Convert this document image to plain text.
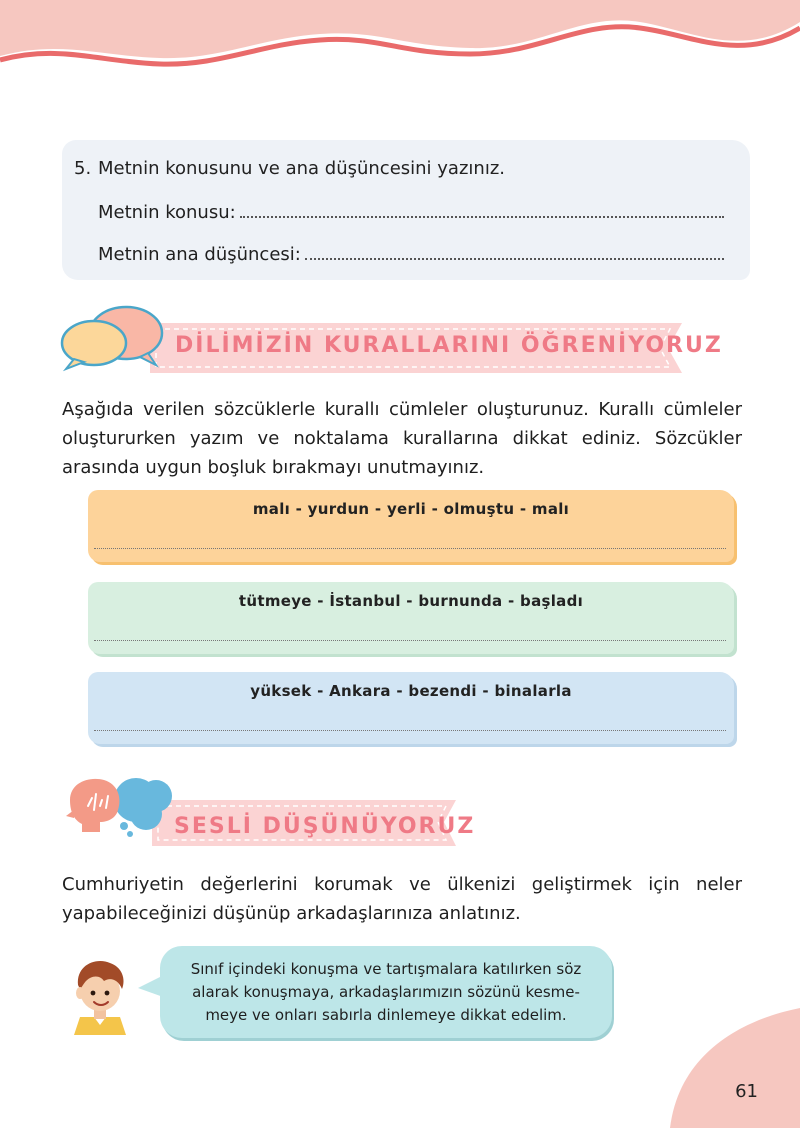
5. Metnin konusunu ve ana düşüncesini yazınız.
Metnin konusu:
Metnin ana düşüncesi:
DİLİMİZİN KURALLARINI ÖĞRENİYORUZ

Aşağıda verilen sözcüklerle kurallı cümleler oluşturunuz. Kurallı cümleler oluştururken yazım ve noktalama kurallarına dikkat ediniz. Sözcükler arasında uygun boşluk bırakmayı unutmayınız.

malı - yurdun - yerli - olmuştu - malı
tütmeye - İstanbul - burnunda - başladı
yüksek - Ankara - bezendi - binalarla
SESLİ DÜŞÜNÜYORUZ

Cumhuriyetin değerlerini korumak ve ülkenizi geliştirmek için neler yapabileceğinizi düşünüp arkadaşlarınıza anlatınız.

Sınıf içindeki konuşma ve tartışmalara katılırken söz
alarak konuşmaya, arkadaşlarımızın sözünü kesme-
meye ve onları sabırla dinlemeye dikkat edelim.
61
